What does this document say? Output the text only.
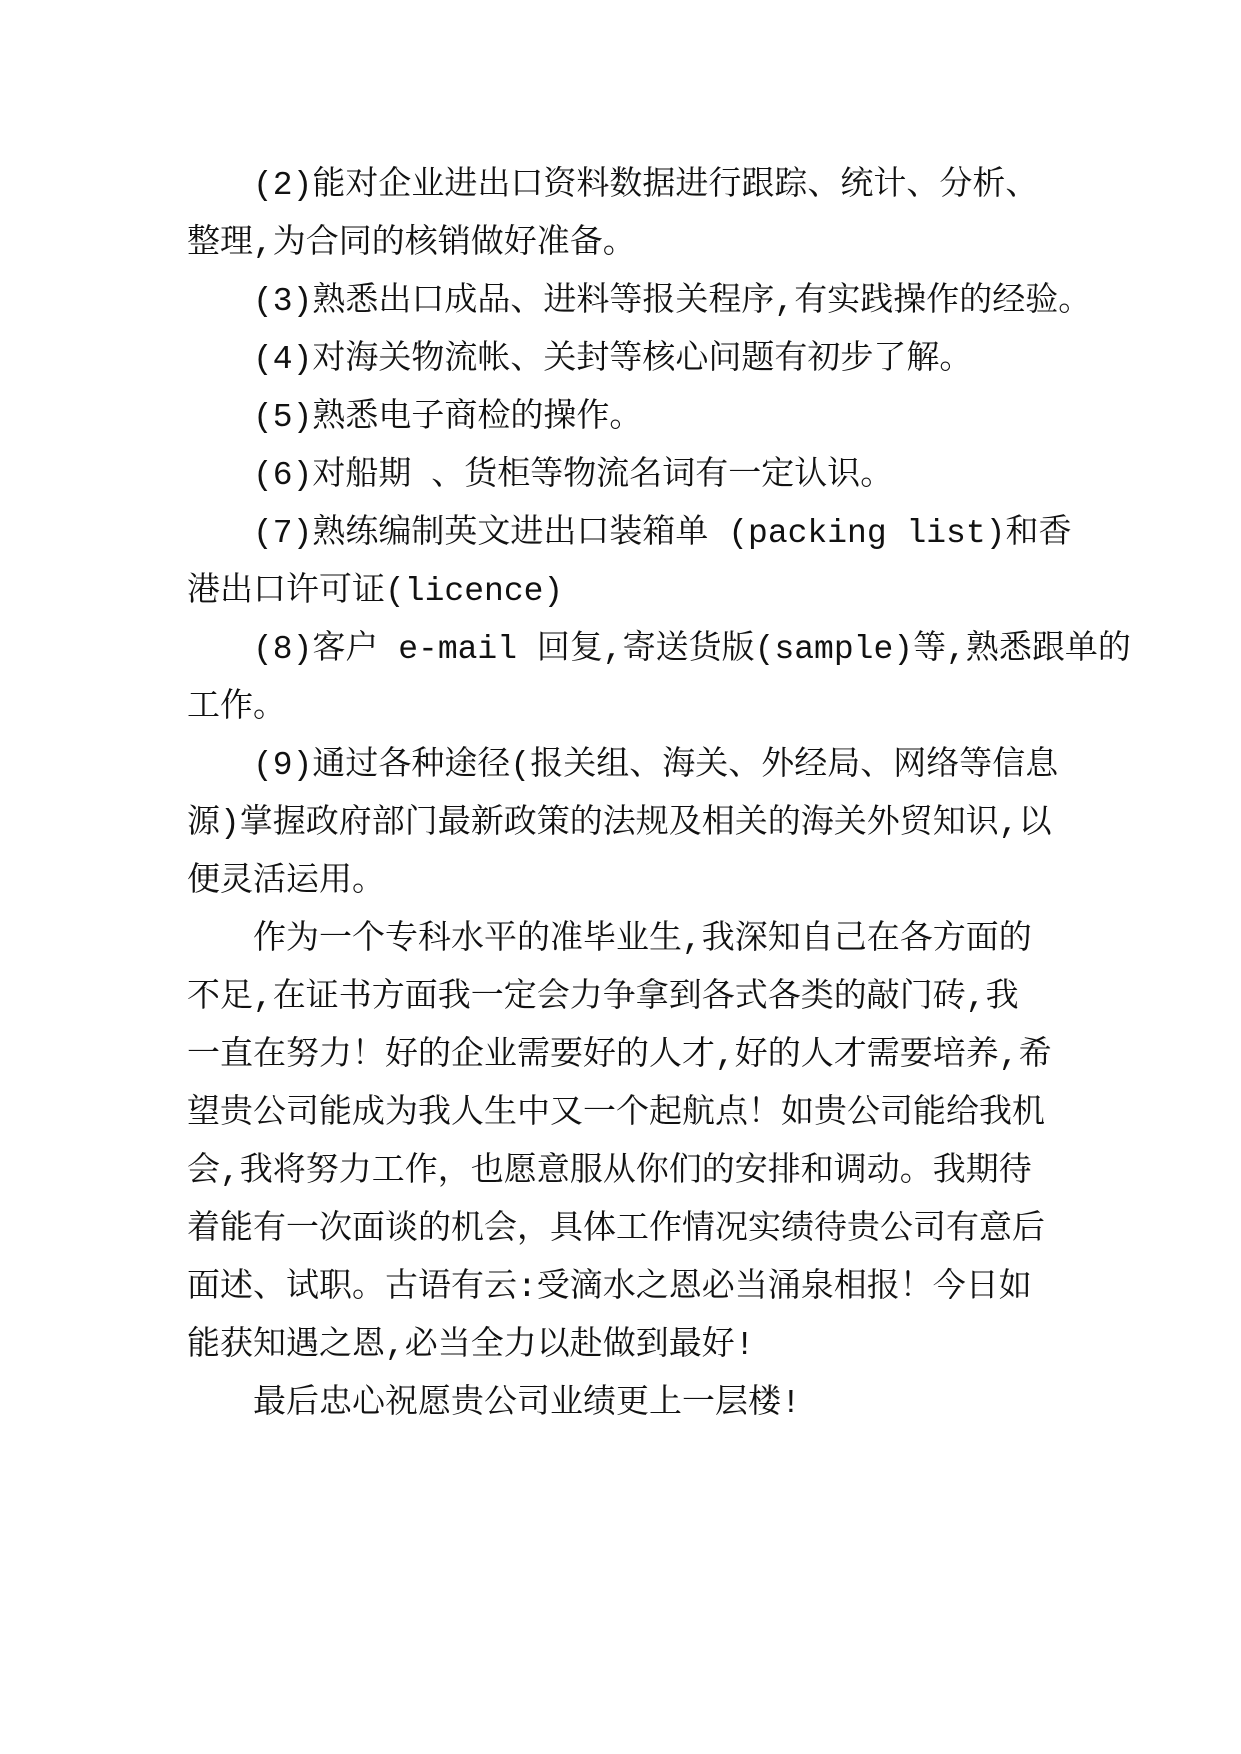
(2)能对企业进出口资料数据进行跟踪、统计、分析、
整理,为合同的核销做好准备。
(3)熟悉出口成品、进料等报关程序,有实践操作的经验。
(4)对海关物流帐、关封等核心问题有初步了解。
(5)熟悉电子商检的操作。
(6)对船期 、货柜等物流名词有一定认识。
(7)熟练编制英文进出口装箱单 (packing list)和香
港出口许可证(licence)
(8)客户 e-mail 回复,寄送货版(sample)等,熟悉跟单的
工作。
(9)通过各种途径(报关组、海关、外经局、网络等信息
源)掌握政府部门最新政策的法规及相关的海关外贸知识,以
便灵活运用。
作为一个专科水平的准毕业生,我深知自己在各方面的
不足,在证书方面我一定会力争拿到各式各类的敲门砖,我
一直在努力！好的企业需要好的人才,好的人才需要培养,希
望贵公司能成为我人生中又一个起航点！如贵公司能给我机
会,我将努力工作，也愿意服从你们的安排和调动。我期待
着能有一次面谈的机会，具体工作情况实绩待贵公司有意后
面述、试职。古语有云:受滴水之恩必当涌泉相报！今日如
能获知遇之恩,必当全力以赴做到最好!
最后忠心祝愿贵公司业绩更上一层楼!
